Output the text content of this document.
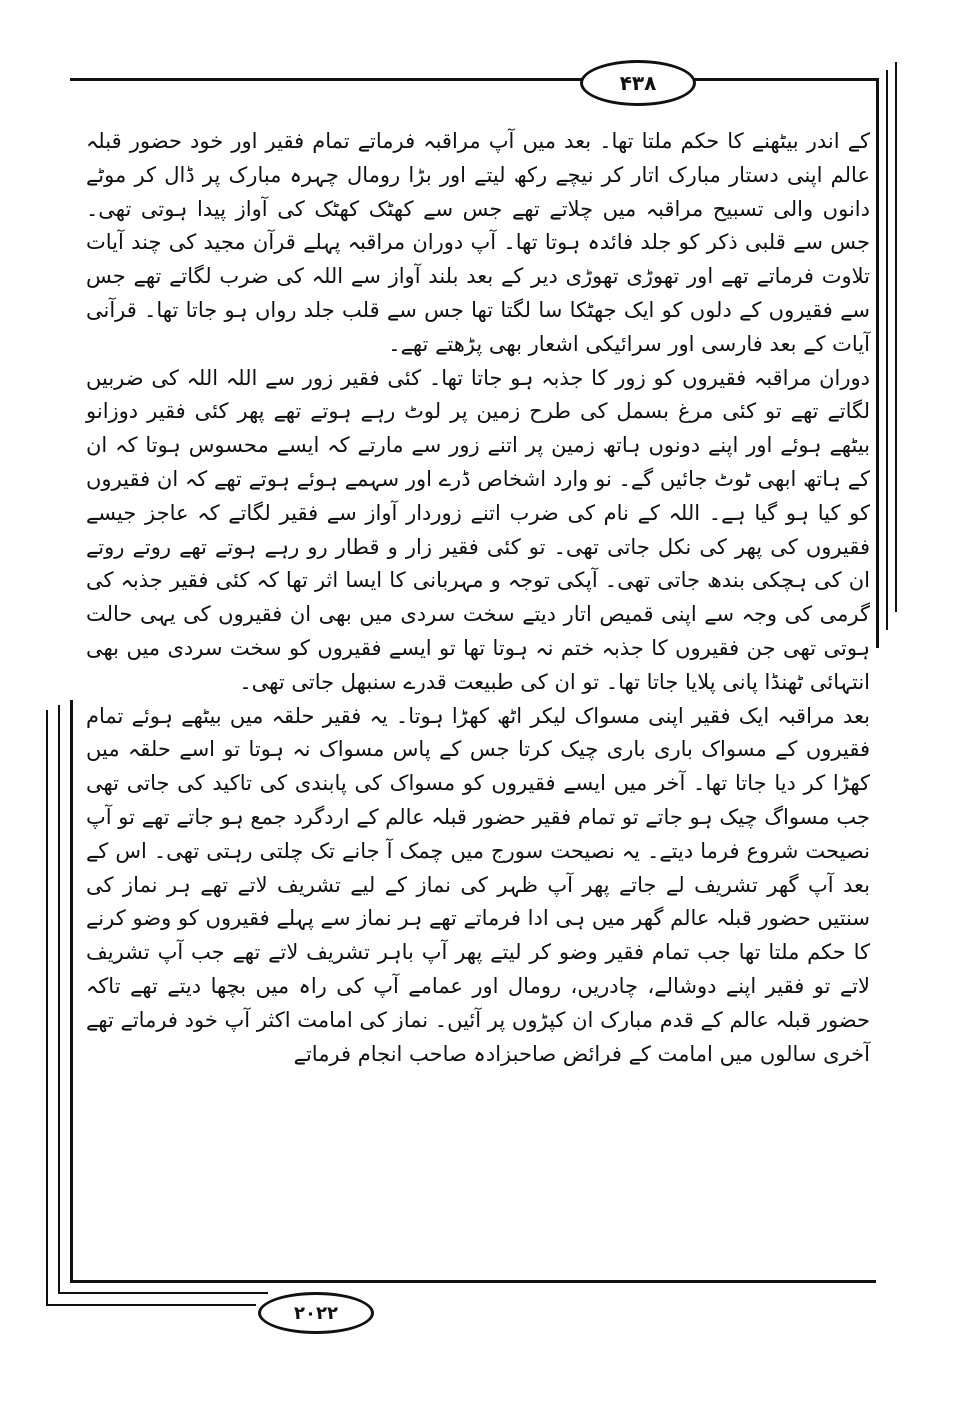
۴۳۸

کے اندر بیٹھنے کا حکم ملتا تھا۔ بعد میں آپ مراقبہ فرماتے تمام فقیر اور خود حضور قبلہ عالم اپنی دستار مبارک اتار کر نیچے رکھ لیتے اور بڑا رومال چہرہ مبارک پر ڈال کر موٹے دانوں والی تسبیح مراقبہ میں چلاتے تھے جس سے کھٹک کھٹک کی آواز پیدا ہوتی تھی۔ جس سے قلبی ذکر کو جلد فائدہ ہوتا تھا۔ آپ دوران مراقبہ پہلے قرآن مجید کی چند آیات تلاوت فرماتے تھے اور تھوڑی تھوڑی دیر کے بعد بلند آواز سے اللہ کی ضرب لگاتے تھے جس سے فقیروں کے دلوں کو ایک جھٹکا سا لگتا تھا جس سے قلب جلد رواں ہو جاتا تھا۔ قرآنی آیات کے بعد فارسی اور سرائیکی اشعار بھی پڑھتے تھے۔

دوران مراقبہ فقیروں کو زور کا جذبہ ہو جاتا تھا۔ کئی فقیر زور سے اللہ اللہ کی ضربیں لگاتے تھے تو کئی مرغ بسمل کی طرح زمین پر لوٹ رہے ہوتے تھے پھر کئی فقیر دوزانو بیٹھے ہوئے اور اپنے دونوں ہاتھ زمین پر اتنے زور سے مارتے کہ ایسے محسوس ہوتا کہ ان کے ہاتھ ابھی ٹوٹ جائیں گے۔ نو وارد اشخاص ڈرے اور سہمے ہوئے ہوتے تھے کہ ان فقیروں کو کیا ہو گیا ہے۔ اللہ کے نام کی ضرب اتنے زوردار آواز سے فقیر لگاتے کہ عاجز جیسے فقیروں کی پھر کی نکل جاتی تھی۔ تو کئی فقیر زار و قطار رو رہے ہوتے تھے روتے روتے ان کی ہچکی بندھ جاتی تھی۔ آپکی توجہ و مہربانی کا ایسا اثر تھا کہ کئی فقیر جذبہ کی گرمی کی وجہ سے اپنی قمیص اتار دیتے سخت سردی میں بھی ان فقیروں کی یہی حالت ہوتی تھی جن فقیروں کا جذبہ ختم نہ ہوتا تھا تو ایسے فقیروں کو سخت سردی میں بھی انتہائی ٹھنڈا پانی پلایا جاتا تھا۔ تو ان کی طبیعت قدرے سنبھل جاتی تھی۔

بعد مراقبہ ایک فقیر اپنی مسواک لیکر اٹھ کھڑا ہوتا۔ یہ فقیر حلقہ میں بیٹھے ہوئے تمام فقیروں کے مسواک باری باری چیک کرتا جس کے پاس مسواک نہ ہوتا تو اسے حلقہ میں کھڑا کر دیا جاتا تھا۔ آخر میں ایسے فقیروں کو مسواک کی پابندی کی تاکید کی جاتی تھی جب مسواگ چیک ہو جاتے تو تمام فقیر حضور قبلہ عالم کے اردگرد جمع ہو جاتے تھے تو آپ نصیحت شروع فرما دیتے۔ یہ نصیحت سورج میں چمک آ جانے تک چلتی رہتی تھی۔ اس کے بعد آپ گھر تشریف لے جاتے پھر آپ ظہر کی نماز کے لیے تشریف لاتے تھے ہر نماز کی سنتیں حضور قبلہ عالم گھر میں ہی ادا فرماتے تھے ہر نماز سے پہلے فقیروں کو وضو کرنے کا حکم ملتا تھا جب تمام فقیر وضو کر لیتے پھر آپ باہر تشریف لاتے تھے جب آپ تشریف لاتے تو فقیر اپنے دوشالے، چادریں، رومال اور عمامے آپ کی راہ میں بچھا دیتے تھے تاکہ حضور قبلہ عالم کے قدم مبارک ان کپڑوں پر آئیں۔ نماز کی امامت اکثر آپ خود فرماتے تھے آخری سالوں میں امامت کے فرائض صاحبزادہ صاحب انجام فرماتے

۲۰۲۲
